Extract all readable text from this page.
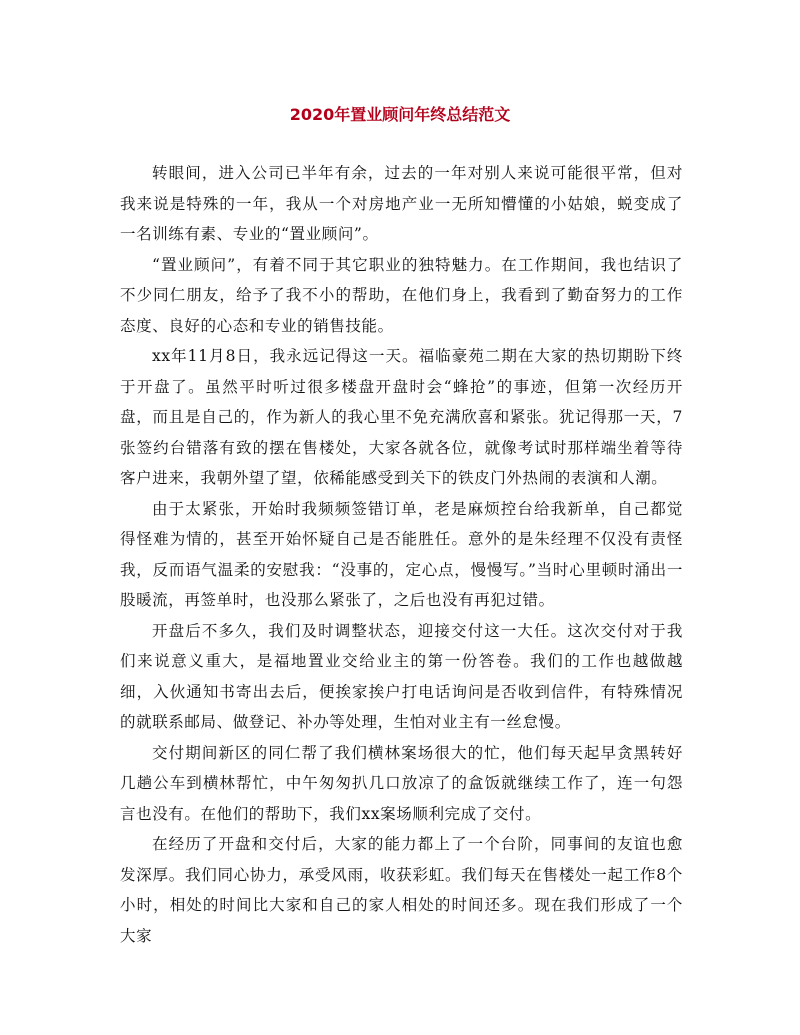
2020年置业顾问年终总结范文

转眼间，进入公司已半年有余，过去的一年对别人来说可能很平常，但对我来说是特殊的一年，我从一个对房地产业一无所知懵懂的小姑娘，蜕变成了一名训练有素、专业的“置业顾问”。

“置业顾问”，有着不同于其它职业的独特魅力。在工作期间，我也结识了不少同仁朋友，给予了我不小的帮助，在他们身上，我看到了勤奋努力的工作态度、良好的心态和专业的销售技能。

xx年11月8日，我永远记得这一天。福临豪苑二期在大家的热切期盼下终于开盘了。虽然平时听过很多楼盘开盘时会“蜂抢”的事迹，但第一次经历开盘，而且是自己的，作为新人的我心里不免充满欣喜和紧张。犹记得那一天，7张签约台错落有致的摆在售楼处，大家各就各位，就像考试时那样端坐着等待客户进来，我朝外望了望，依稀能感受到关下的铁皮门外热闹的表演和人潮。

由于太紧张，开始时我频频签错订单，老是麻烦控台给我新单，自己都觉得怪难为情的，甚至开始怀疑自己是否能胜任。意外的是朱经理不仅没有责怪我，反而语气温柔的安慰我：“没事的，定心点，慢慢写。”当时心里顿时涌出一股暖流，再签单时，也没那么紧张了，之后也没有再犯过错。

开盘后不多久，我们及时调整状态，迎接交付这一大任。这次交付对于我们来说意义重大，是福地置业交给业主的第一份答卷。我们的工作也越做越细，入伙通知书寄出去后，便挨家挨户打电话询问是否收到信件，有特殊情况的就联系邮局、做登记、补办等处理，生怕对业主有一丝怠慢。

交付期间新区的同仁帮了我们横林案场很大的忙，他们每天起早贪黑转好几趟公车到横林帮忙，中午匆匆扒几口放凉了的盒饭就继续工作了，连一句怨言也没有。在他们的帮助下，我们xx案场顺利完成了交付。

在经历了开盘和交付后，大家的能力都上了一个台阶，同事间的友谊也愈发深厚。我们同心协力，承受风雨，收获彩虹。我们每天在售楼处一起工作8个小时，相处的时间比大家和自己的家人相处的时间还多。现在我们形成了一个大家
